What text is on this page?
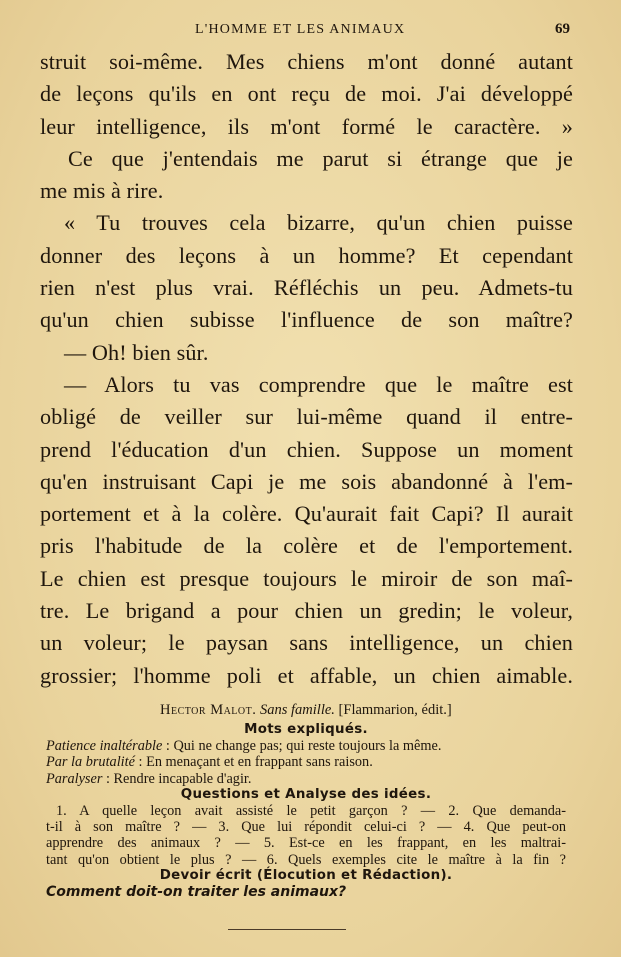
L'HOMME ET LES ANIMAUX	69
struit soi-même. Mes chiens m'ont donné autant
de leçons qu'ils en ont reçu de moi. J'ai développé
leur intelligence, ils m'ont formé le caractère. »
Ce que j'entendais me parut si étrange que je
me mis à rire.
« Tu trouves cela bizarre, qu'un chien puisse
donner des leçons à un homme? Et cependant
rien n'est plus vrai. Réfléchis un peu. Admets-tu
qu'un chien subisse l'influence de son maître?
— Oh! bien sûr.
— Alors tu vas comprendre que le maître est
obligé de veiller sur lui-même quand il entre-
prend l'éducation d'un chien. Suppose un moment
qu'en instruisant Capi je me sois abandonné à l'em-
portement et à la colère. Qu'aurait fait Capi? Il aurait
pris l'habitude de la colère et de l'emportement.
Le chien est presque toujours le miroir de son maî-
tre. Le brigand a pour chien un gredin; le voleur,
un voleur; le paysan sans intelligence, un chien
grossier; l'homme poli et affable, un chien aimable.
Hector Malot. Sans famille. [Flammarion, édit.]
Mots expliqués.
Patience inaltérable : Qui ne change pas; qui reste toujours la même.
Par la brutalité : En menaçant et en frappant sans raison.
Paralyser : Rendre incapable d'agir.
Questions et Analyse des idées.
1. A quelle leçon avait assisté le petit garçon ? — 2. Que demanda-
t-il à son maître ? — 3. Que lui répondit celui-ci ? — 4. Que peut-on
apprendre des animaux ? — 5. Est-ce en les frappant, en les maltrai-
tant qu'on obtient le plus ? — 6. Quels exemples cite le maître à la fin ?
Devoir écrit (Élocution et Rédaction).
Comment doit-on traiter les animaux?
